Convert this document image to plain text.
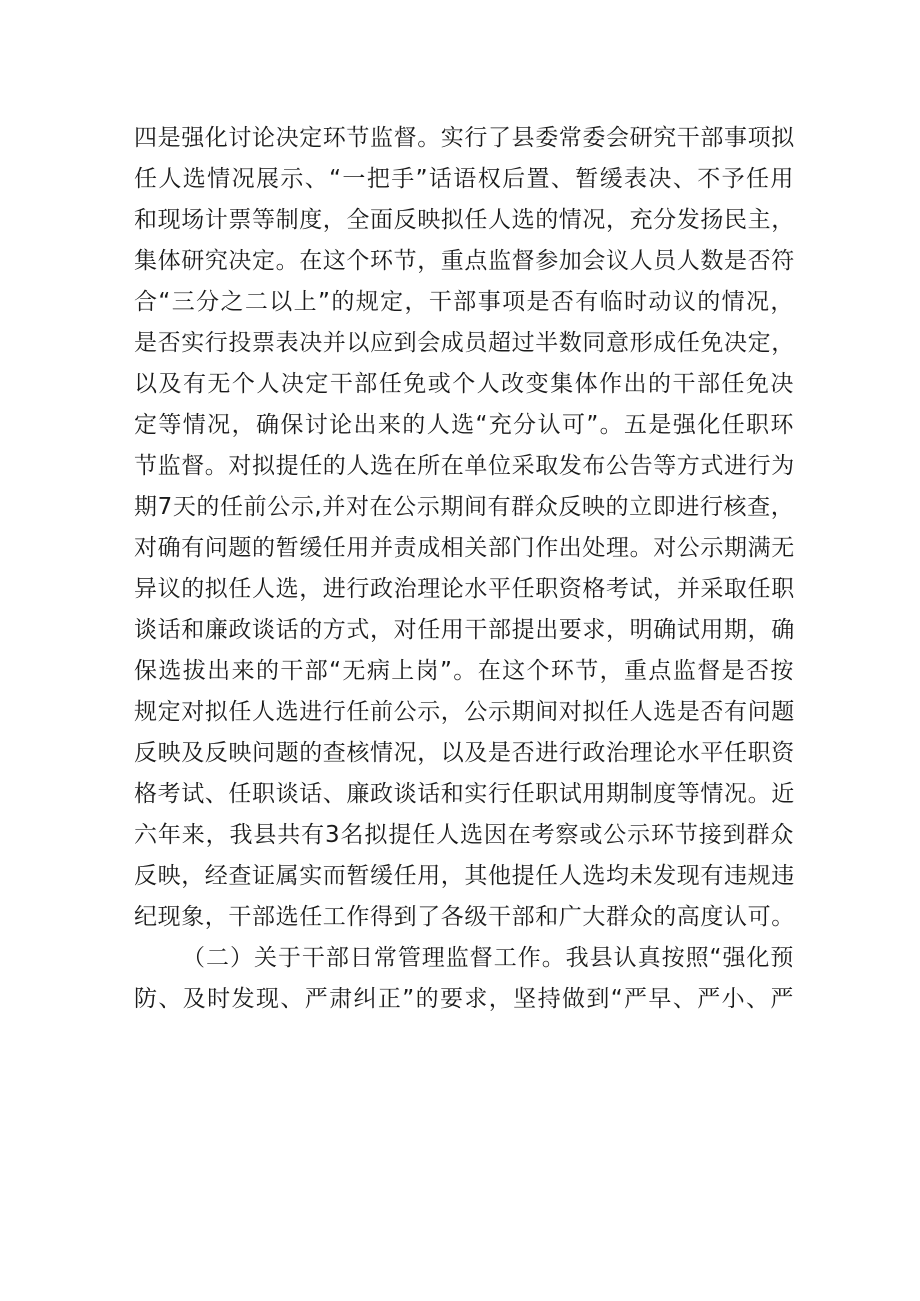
四是强化讨论决定环节监督。实行了县委常委会研究干部事项拟
任人选情况展示、“一把手”话语权后置、暂缓表决、不予任用
和现场计票等制度，全面反映拟任人选的情况，充分发扬民主，
集体研究决定。在这个环节，重点监督参加会议人员人数是否符
合“三分之二以上”的规定，干部事项是否有临时动议的情况，
是否实行投票表决并以应到会成员超过半数同意形成任免决定，
以及有无个人决定干部任免或个人改变集体作出的干部任免决
定等情况，确保讨论出来的人选“充分认可”。五是强化任职环
节监督。对拟提任的人选在所在单位采取发布公告等方式进行为
期7天的任前公示,并对在公示期间有群众反映的立即进行核查，
对确有问题的暂缓任用并责成相关部门作出处理。对公示期满无
异议的拟任人选，进行政治理论水平任职资格考试，并采取任职
谈话和廉政谈话的方式，对任用干部提出要求，明确试用期，确
保选拔出来的干部“无病上岗”。在这个环节，重点监督是否按
规定对拟任人选进行任前公示，公示期间对拟任人选是否有问题
反映及反映问题的查核情况，以及是否进行政治理论水平任职资
格考试、任职谈话、廉政谈话和实行任职试用期制度等情况。近
六年来，我县共有3名拟提任人选因在考察或公示环节接到群众
反映，经查证属实而暂缓任用，其他提任人选均未发现有违规违
纪现象，干部选任工作得到了各级干部和广大群众的高度认可。
（二）关于干部日常管理监督工作。我县认真按照“强化预
防、及时发现、严肃纠正”的要求，坚持做到“严早、严小、严
